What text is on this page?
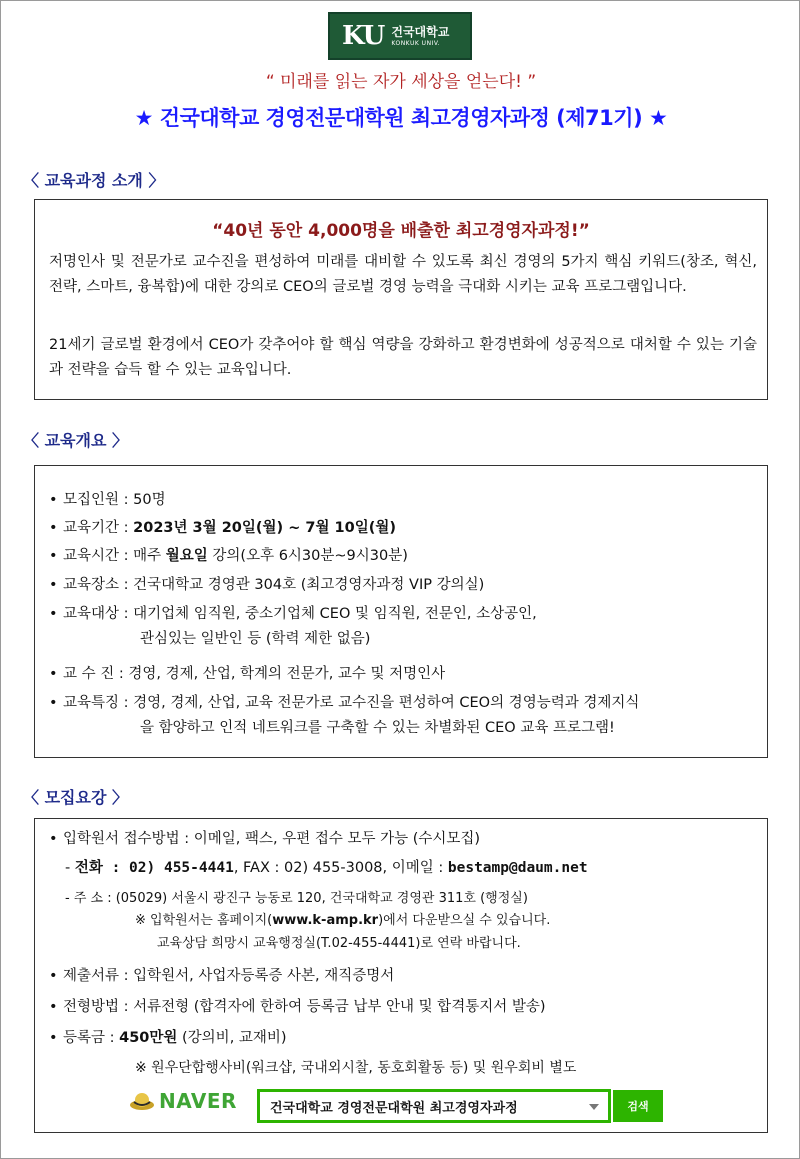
KU 건국대학교
KONKUK UNIV.
“ 미래를 읽는 자가 세상을 얻는다! ”
★ 건국대학교 경영전문대학원 최고경영자과정 (제71기) ★
〈 교육과정 소개 〉
“40년 동안 4,000명을 배출한 최고경영자과정!”
저명인사 및 전문가로 교수진을 편성하여 미래를 대비할 수 있도록 최신 경영의 5가지 핵심 키워드(창조, 혁신, 전략, 스마트, 융복합)에 대한 강의로 CEO의 글로벌 경영 능력을 극대화 시키는 교육 프로그램입니다.
21세기 글로벌 환경에서 CEO가 갖추어야 할 핵심 역량을 강화하고 환경변화에 성공적으로 대처할 수 있는 기술과 전략을 습득 할 수 있는 교육입니다.
〈 교육개요 〉
• 모집인원 : 50명
• 교육기간 : 2023년 3월 20일(월) ~ 7월 10일(월)
• 교육시간 : 매주 월요일 강의(오후 6시30분~9시30분)
• 교육장소 : 건국대학교 경영관 304호 (최고경영자과정 VIP 강의실)
• 교육대상 : 대기업체 임직원, 중소기업체 CEO 및 임직원, 전문인, 소상공인,
관심있는 일반인 등 (학력 제한 없음)
• 교 수 진 : 경영, 경제, 산업, 학계의 전문가, 교수 및 저명인사
• 교육특징 : 경영, 경제, 산업, 교육 전문가로 교수진을 편성하여 CEO의 경영능력과 경제지식
을 함양하고 인적 네트워크를 구축할 수 있는 차별화된 CEO 교육 프로그램!
〈 모집요강 〉
• 입학원서 접수방법 : 이메일, 팩스, 우편 접수 모두 가능 (수시모집)
- 전화 : 02) 455-4441, FAX : 02) 455-3008, 이메일 : bestamp@daum.net
- 주 소 : (05029) 서울시 광진구 능동로 120, 건국대학교 경영관 311호 (행정실)
※ 입학원서는 홈페이지(www.k-amp.kr)에서 다운받으실 수 있습니다.
교육상담 희망시 교육행정실(T.02-455-4441)로 연락 바랍니다.
• 제출서류 : 입학원서, 사업자등록증 사본, 재직증명서
• 전형방법 : 서류전형 (합격자에 한하여 등록금 납부 안내 및 합격통지서 발송)
• 등록금 : 450만원 (강의비, 교재비)
※ 원우단합행사비(워크샵, 국내외시찰, 동호회활동 등) 및 원우회비 별도
NAVER	건국대학교 경영전문대학원 최고경영자과정	검색
